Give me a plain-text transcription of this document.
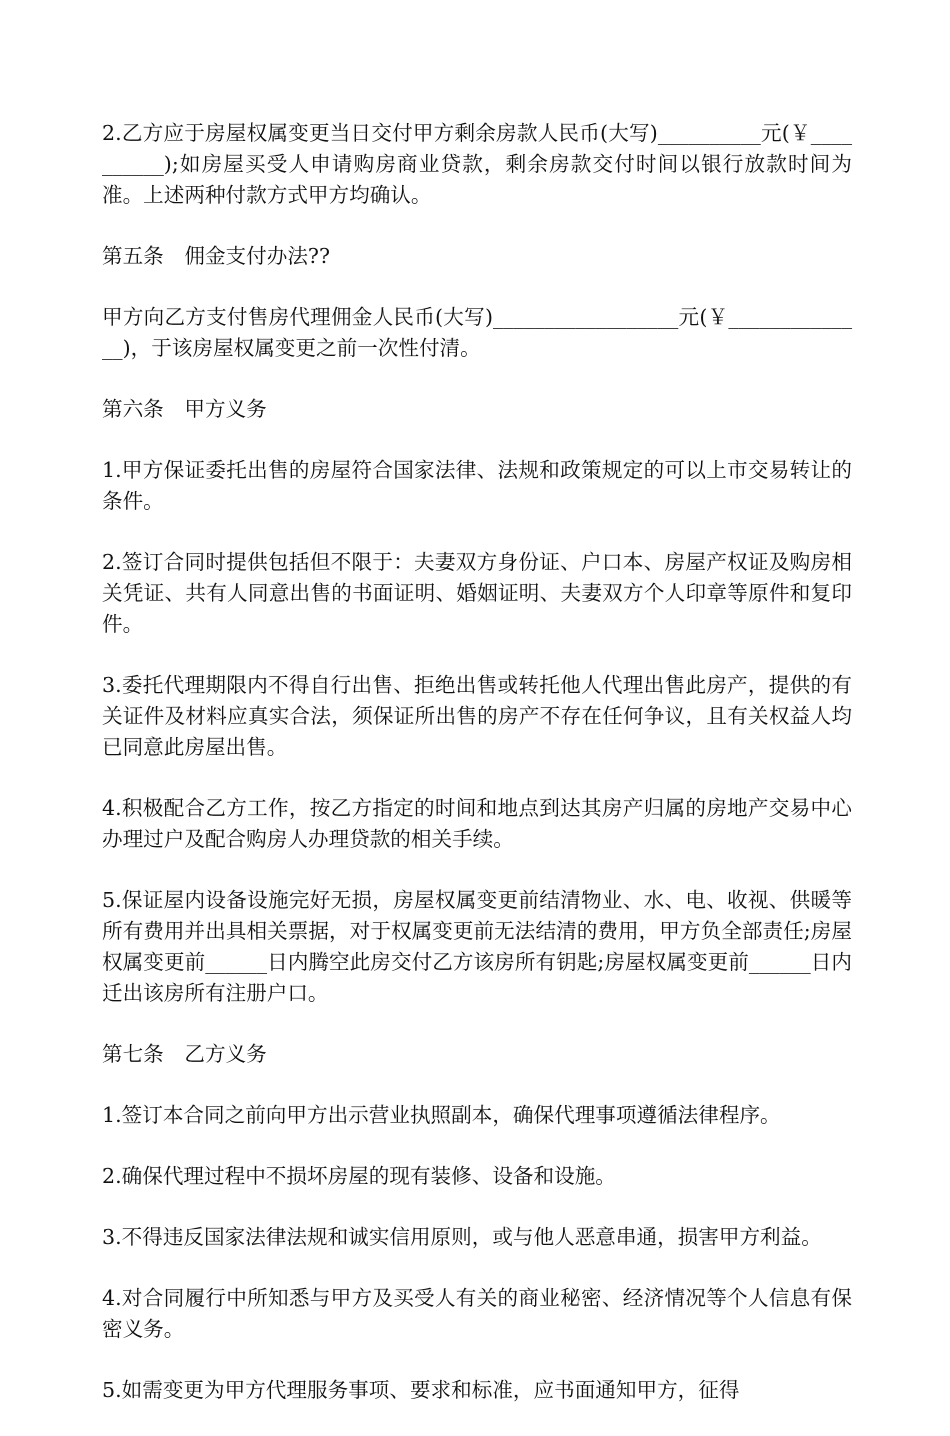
2.乙方应于房屋权属变更当日交付甲方剩余房款人民币(大写)__________元(￥__________);如房屋买受人申请购房商业贷款，剩余房款交付时间以银行放款时间为准。上述两种付款方式甲方均确认。

第五条　佣金支付办法??

甲方向乙方支付售房代理佣金人民币(大写)__________________元(￥______________)，于该房屋权属变更之前一次性付清。

第六条　甲方义务

1.甲方保证委托出售的房屋符合国家法律、法规和政策规定的可以上市交易转让的条件。

2.签订合同时提供包括但不限于：夫妻双方身份证、户口本、房屋产权证及购房相关凭证、共有人同意出售的书面证明、婚姻证明、夫妻双方个人印章等原件和复印件。

3.委托代理期限内不得自行出售、拒绝出售或转托他人代理出售此房产，提供的有关证件及材料应真实合法，须保证所出售的房产不存在任何争议，且有关权益人均已同意此房屋出售。

4.积极配合乙方工作，按乙方指定的时间和地点到达其房产归属的房地产交易中心办理过户及配合购房人办理贷款的相关手续。

5.保证屋内设备设施完好无损，房屋权属变更前结清物业、水、电、收视、供暖等所有费用并出具相关票据，对于权属变更前无法结清的费用，甲方负全部责任;房屋权属变更前______日内腾空此房交付乙方该房所有钥匙;房屋权属变更前______日内迁出该房所有注册户口。

第七条　乙方义务

1.签订本合同之前向甲方出示营业执照副本，确保代理事项遵循法律程序。

2.确保代理过程中不损坏房屋的现有装修、设备和设施。

3.不得违反国家法律法规和诚实信用原则，或与他人恶意串通，损害甲方利益。

4.对合同履行中所知悉与甲方及买受人有关的商业秘密、经济情况等个人信息有保密义务。

5.如需变更为甲方代理服务事项、要求和标准，应书面通知甲方，征得
